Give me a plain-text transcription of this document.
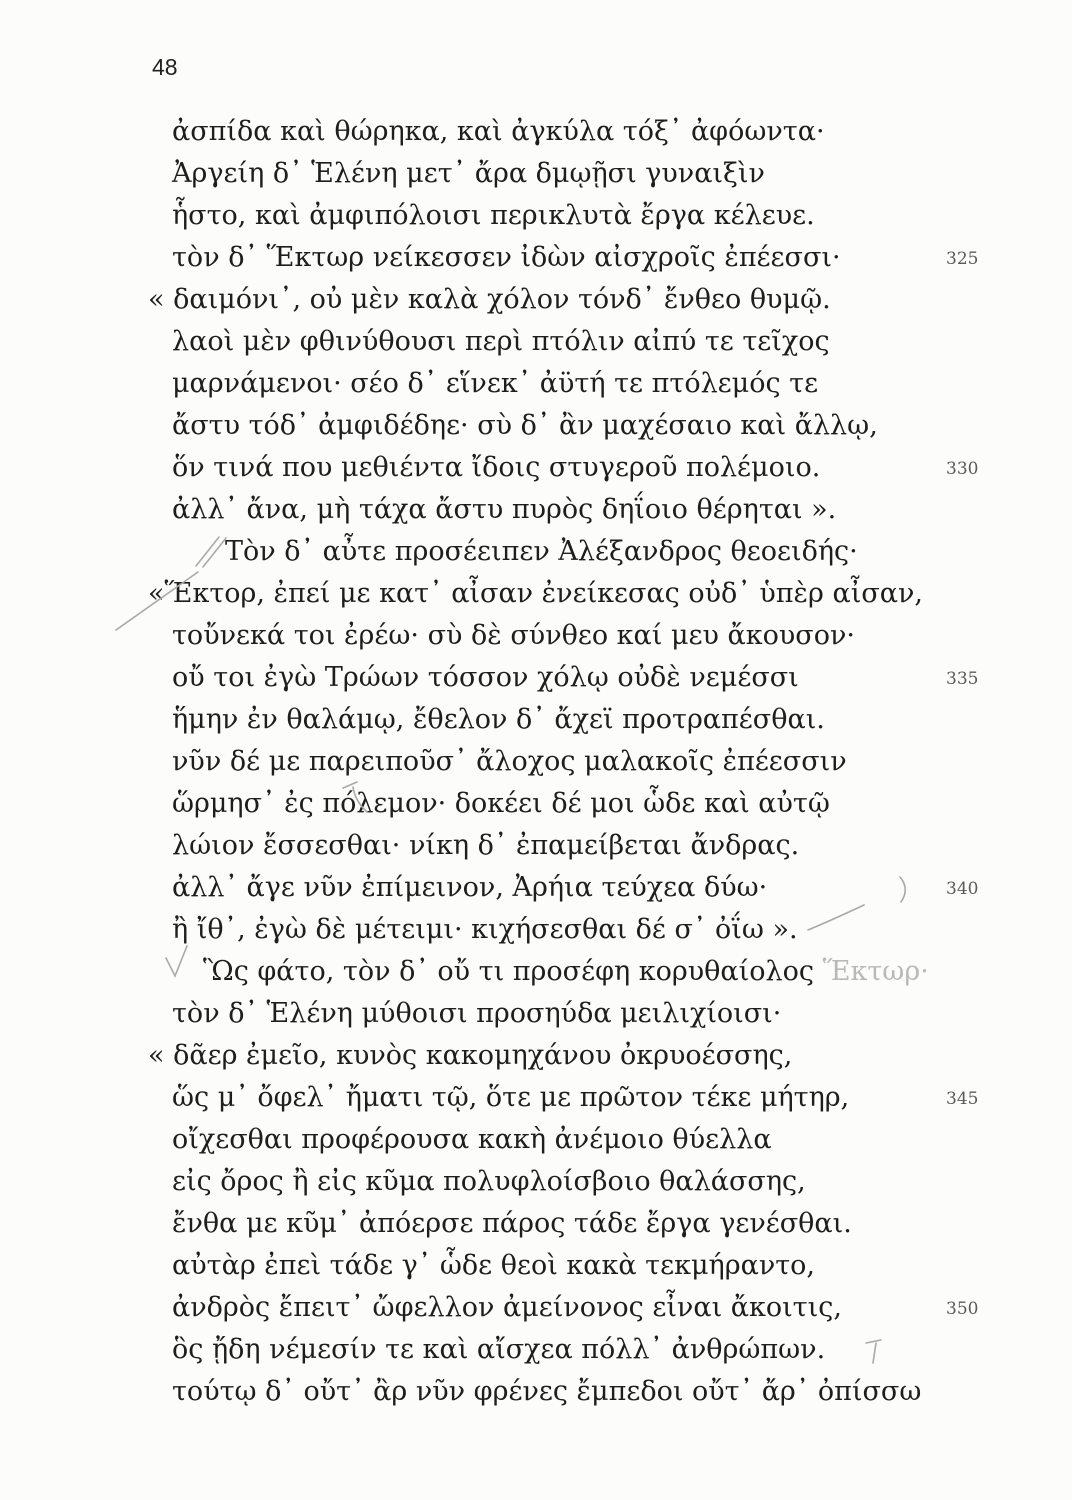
48
ἀσπίδα καὶ θώρηκα, καὶ ἀγκύλα τόξ᾽ ἀφόωντα·
Ἀργείη δ᾽ Ἑλένη μετ᾽ ἄρα δμῳῇσι γυναιξὶν
ἧστο, καὶ ἀμφιπόλοισι περικλυτὰ ἔργα κέλευε.
τὸν δ᾽ Ἕκτωρ νείκεσσεν ἰδὼν αἰσχροῖς ἐπέεσσι·	325
« δαιμόνι᾽, οὐ μὲν καλὰ χόλον τόνδ᾽ ἔνθεο θυμῷ.
λαοὶ μὲν φθινύθουσι περὶ πτόλιν αἰπύ τε τεῖχος
μαρνάμενοι· σέο δ᾽ εἵνεκ᾽ ἀϋτή τε πτόλεμός τε
ἄστυ τόδ᾽ ἀμφιδέδηε· σὺ δ᾽ ἂν μαχέσαιο καὶ ἄλλῳ,
ὅν τινά που μεθιέντα ἴδοις στυγεροῦ πολέμοιο.	330
ἀλλ᾽ ἄνα, μὴ τάχα ἄστυ πυρὸς δηΐοιο θέρηται ».
Τὸν δ᾽ αὖτε προσέειπεν Ἀλέξανδρος θεοειδής·
«Ἕκτορ, ἐπεί με κατ᾽ αἶσαν ἐνείκεσας οὐδ᾽ ὑπὲρ αἶσαν,
τοὔνεκά τοι ἐρέω· σὺ δὲ σύνθεο καί μευ ἄκουσον·
οὔ τοι ἐγὼ Τρώων τόσσον χόλῳ οὐδὲ νεμέσσι	335
ἥμην ἐν θαλάμῳ, ἔθελον δ᾽ ἄχεϊ προτραπέσθαι.
νῦν δέ με παρειποῦσ᾽ ἄλοχος μαλακοῖς ἐπέεσσιν
ὥρμησ᾽ ἐς πόλεμον· δοκέει δέ μοι ὧδε καὶ αὐτῷ
λώιον ἔσσεσθαι· νίκη δ᾽ ἐπαμείβεται ἄνδρας.
ἀλλ᾽ ἄγε νῦν ἐπίμεινον, Ἀρήια τεύχεα δύω·	340
ἢ ἴθ᾽, ἐγὼ δὲ μέτειμι· κιχήσεσθαι δέ σ᾽ ὀΐω ».
Ὣς φάτο, τὸν δ᾽ οὔ τι προσέφη κορυθαίολος Ἕκτωρ·
τὸν δ᾽ Ἑλένη μύθοισι προσηύδα μειλιχίοισι·
« δᾶερ ἐμεῖο, κυνὸς κακομηχάνου ὀκρυοέσσης,
ὥς μ᾽ ὄφελ᾽ ἤματι τῷ, ὅτε με πρῶτον τέκε μήτηρ,	345
οἴχεσθαι προφέρουσα κακὴ ἀνέμοιο θύελλα
εἰς ὄρος ἢ εἰς κῦμα πολυφλοίσβοιο θαλάσσης,
ἔνθα με κῦμ᾽ ἀπόερσε πάρος τάδε ἔργα γενέσθαι.
αὐτὰρ ἐπεὶ τάδε γ᾽ ὧδε θεοὶ κακὰ τεκμήραντο,
ἀνδρὸς ἔπειτ᾽ ὤφελλον ἀμείνονος εἶναι ἄκοιτις,	350
ὃς ᾔδη νέμεσίν τε καὶ αἴσχεα πόλλ᾽ ἀνθρώπων.
τούτῳ δ᾽ οὔτ᾽ ἂρ νῦν φρένες ἔμπεδοι οὔτ᾽ ἄρ᾽ ὀπίσσω
